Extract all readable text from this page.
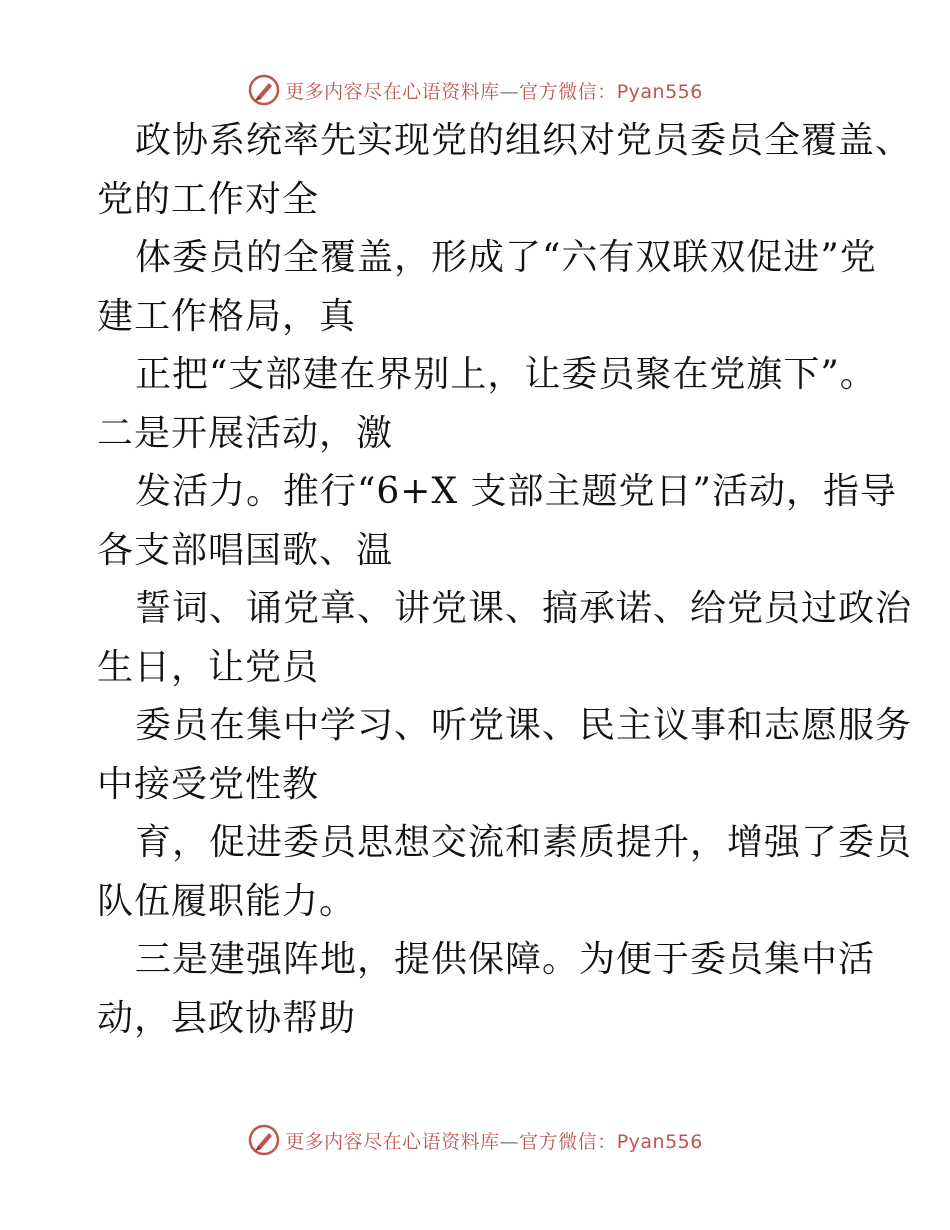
更多内容尽在心语资料库—官方微信：Pyan556
政协系统率先实现党的组织对党员委员全覆盖、
党的工作对全
体委员的全覆盖，形成了“六有双联双促进”党
建工作格局，真
正把“支部建在界别上，让委员聚在党旗下”。
二是开展活动，激
发活力。推行“6+X 支部主题党日”活动，指导
各支部唱国歌、温
誓词、诵党章、讲党课、搞承诺、给党员过政治
生日，让党员
委员在集中学习、听党课、民主议事和志愿服务
中接受党性教
育，促进委员思想交流和素质提升，增强了委员
队伍履职能力。
三是建强阵地，提供保障。为便于委员集中活
动，县政协帮助
更多内容尽在心语资料库—官方微信：Pyan556
